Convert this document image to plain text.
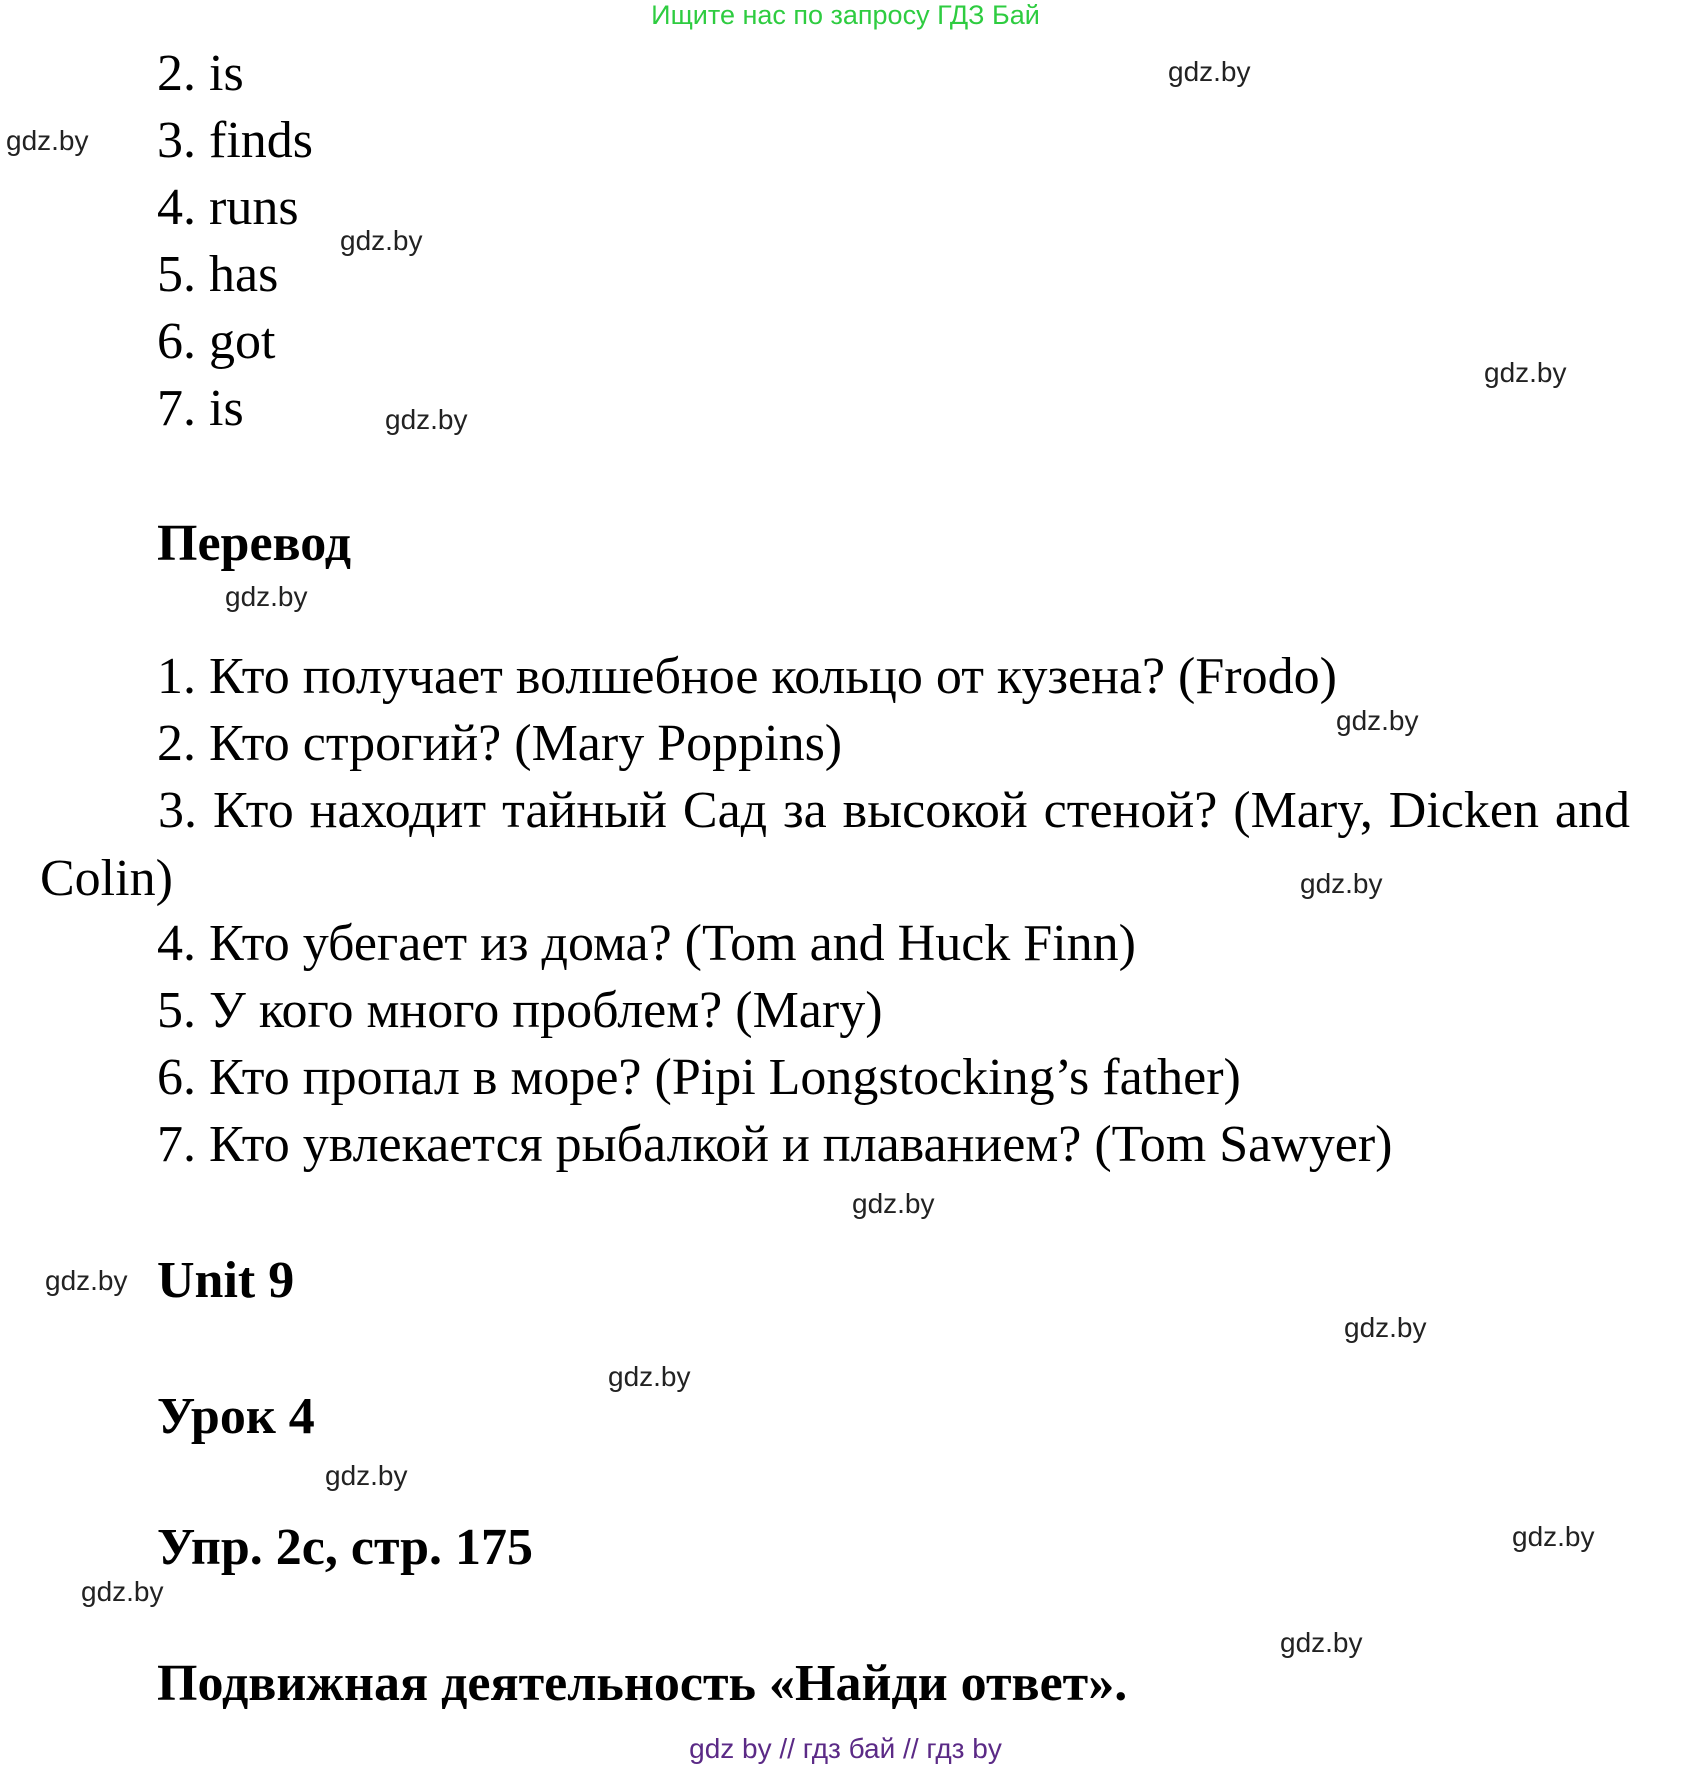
Ищите нас по запросу ГДЗ Бай
2. is
3. finds
4. runs
5. has
6. got
7. is
Перевод
1. Кто получает волшебное кольцо от кузена? (Frodo)
2. Кто строгий? (Mary Poppins)
3. Кто находит тайный Сад за высокой стеной? (Mary, Dicken and Colin)
4. Кто убегает из дома? (Tom and Huck Finn)
5. У кого много проблем? (Mary)
6. Кто пропал в море? (Pipi Longstocking’s father)
7. Кто увлекается рыбалкой и плаванием? (Tom Sawyer)
Unit 9
Урок 4
Упр. 2с, стр. 175
Подвижная деятельность «Найди ответ».
gdz.by
gdz.by
gdz.by
gdz.by
gdz.by
gdz.by
gdz.by
gdz.by
gdz.by
gdz.by
gdz.by
gdz.by
gdz.by
gdz.by
gdz.by
gdz.by
gdz by // гдз бай // гдз by
